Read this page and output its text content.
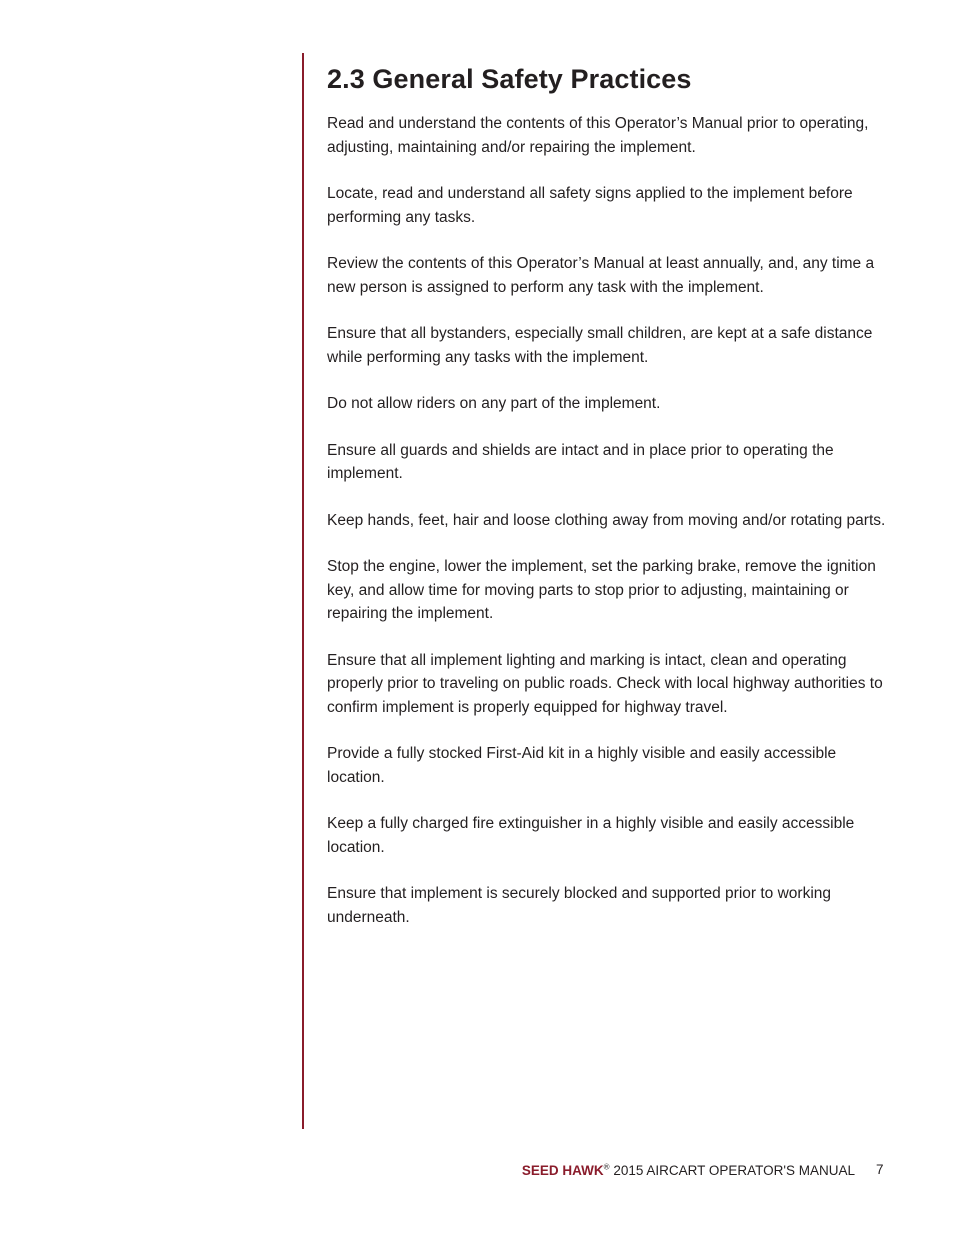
2.3 General Safety Practices

Read and understand the contents of this Operator’s Manual prior to operating, adjusting, maintaining and/or repairing the implement.

Locate, read and understand all safety signs applied to the implement before performing any tasks.

Review the contents of this Operator’s Manual at least annually, and, any time a new person is assigned to perform any task with the implement.

Ensure that all bystanders, especially small children, are kept at a safe distance while performing any tasks with the implement.

Do not allow riders on any part of the implement.

Ensure all guards and shields are intact and in place prior to operating the implement.

Keep hands, feet, hair and loose clothing away from moving and/or rotating parts.

Stop the engine, lower the implement, set the parking brake, remove the ignition key, and allow time for moving parts to stop prior to adjusting, maintaining or repairing the implement.

Ensure that all implement lighting and marking is intact, clean and operating properly prior to traveling on public roads. Check with local highway authorities to confirm implement is properly equipped for highway travel.

Provide a fully stocked First-Aid kit in a highly visible and easily accessible location.

Keep a fully charged fire extinguisher in a highly visible and easily accessible location.

Ensure that implement is securely blocked and supported prior to working underneath.

SEED HAWK® 2015 AIRCART OPERATOR'S MANUAL 7
